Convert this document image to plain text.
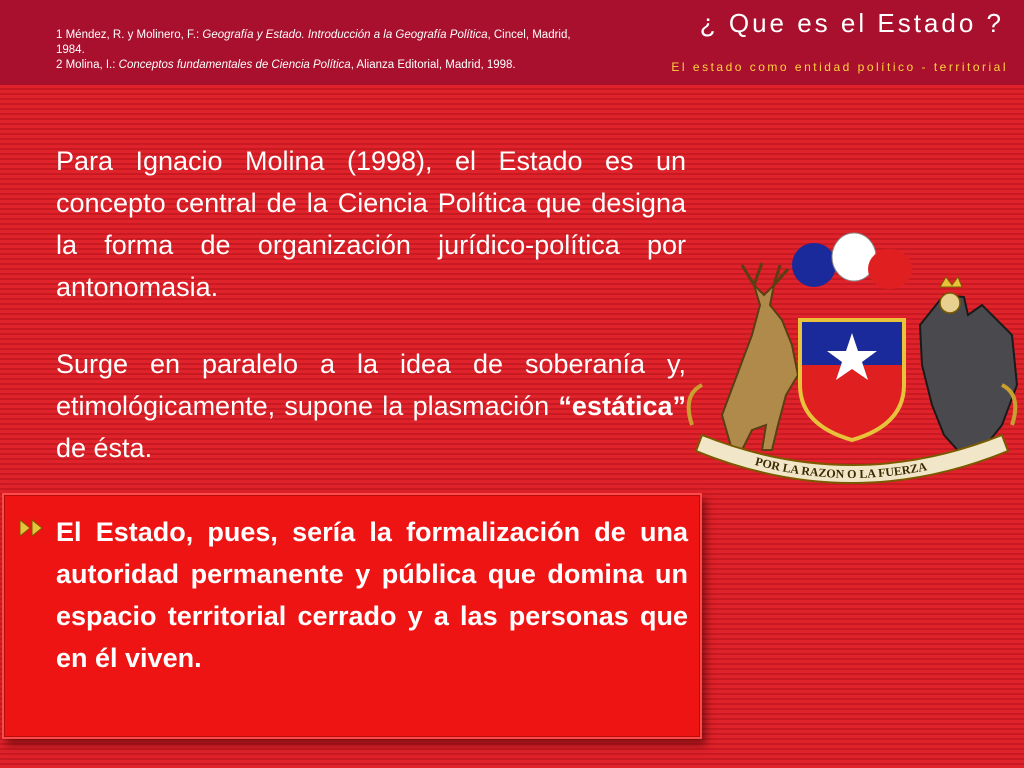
1 Méndez, R. y Molinero, F.: Geografía y Estado. Introducción a la Geografía Política, Cincel, Madrid, 1984.
2 Molina, I.: Conceptos fundamentales de Ciencia Política, Alianza Editorial, Madrid, 1998.
¿ Que es el Estado ?
El estado como entidad político - territorial
Para Ignacio Molina (1998), el Estado es un concepto central de la Ciencia Política que designa la forma de organización jurídico-política por antonomasia.
Surge en paralelo a la idea de soberanía y, etimológicamente, supone la plasmación “estática” de ésta.
El Estado, pues, sería la formalización de una autoridad permanente y pública que domina un espacio territorial cerrado y a las personas que en él viven.
POR LA RAZON O LA FUERZA
